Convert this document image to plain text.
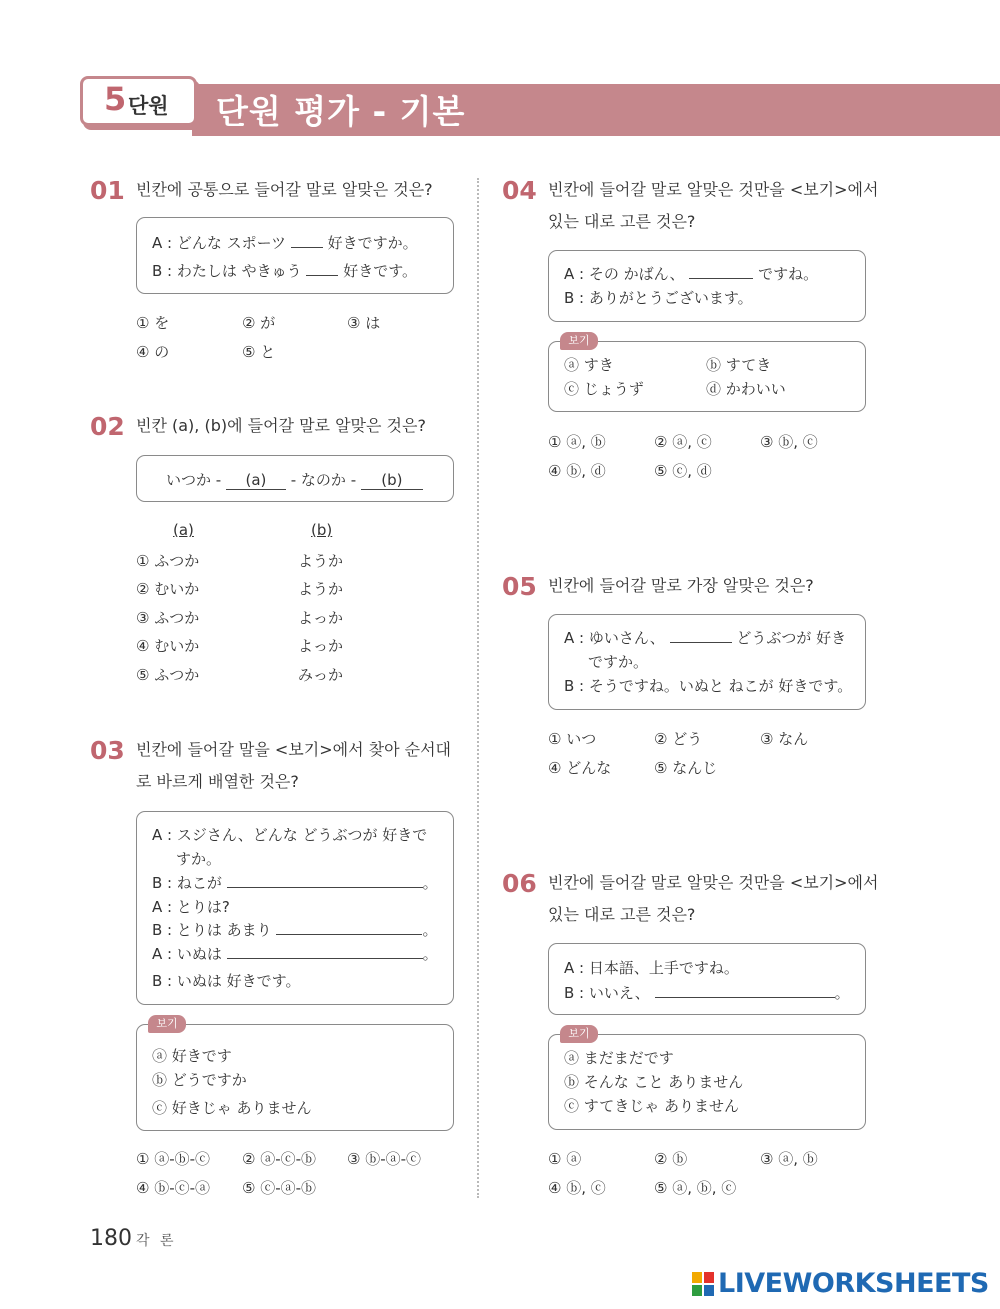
단원 평가 - 기본
5 단원
01 빈칸에 공통으로 들어갈 말로 알맞은 것은?
A : どんな スポーツ	好きですか。
B : わたしは やきゅう	好きです。
① を	② が	③ は
④ の	⑤ と
02 빈칸 (a), (b)에 들어갈 말로 알맞은 것은?
いつか - (a) - なのか - (b)
(a)	(b)
① ふつか	ようか
② むいか	ようか
③ ふつか	よっか
④ むいか	よっか
⑤ ふつか	みっか
03 빈칸에 들어갈 말을 <보기>에서 찾아 순서대
로 바르게 배열한 것은?
A : スジさん、どんな どうぶつが 好きで
すか。
B : ねこが	。
A : とりは?
B : とりは あまり	。
A : いぬは	。
B : いぬは 好きです。
보기
ⓐ 好きです
ⓑ どうですか
ⓒ 好きじゃ ありません
① ⓐ-ⓑ-ⓒ ② ⓐ-ⓒ-ⓑ ③ ⓑ-ⓐ-ⓒ
④ ⓑ-ⓒ-ⓐ ⑤ ⓒ-ⓐ-ⓑ
04 빈칸에 들어갈 말로 알맞은 것만을 <보기>에서
있는 대로 고른 것은?
A : その かばん、	ですね。
B : ありがとうございます。
보기
ⓐ すき	ⓑ すてき
ⓒ じょうず	ⓓ かわいい
① ⓐ, ⓑ	② ⓐ, ⓒ	③ ⓑ, ⓒ
④ ⓑ, ⓓ	⑤ ⓒ, ⓓ
05 빈칸에 들어갈 말로 가장 알맞은 것은?
A : ゆいさん、	どうぶつが 好き
ですか。
B : そうですね。いぬと ねこが 好きです。
① いつ	② どう	③ なん
④ どんな	⑤ なんじ
06 빈칸에 들어갈 말로 알맞은 것만을 <보기>에서
있는 대로 고른 것은?
A : 日本語、上手ですね。
B : いいえ、	。
보기
ⓐ まだまだです
ⓑ そんな こと ありません
ⓒ すてきじゃ ありません
① ⓐ	② ⓑ	③ ⓐ, ⓑ
④ ⓑ, ⓒ	⑤ ⓐ, ⓑ, ⓒ
180 각 론
LIVEWORKSHEETS
